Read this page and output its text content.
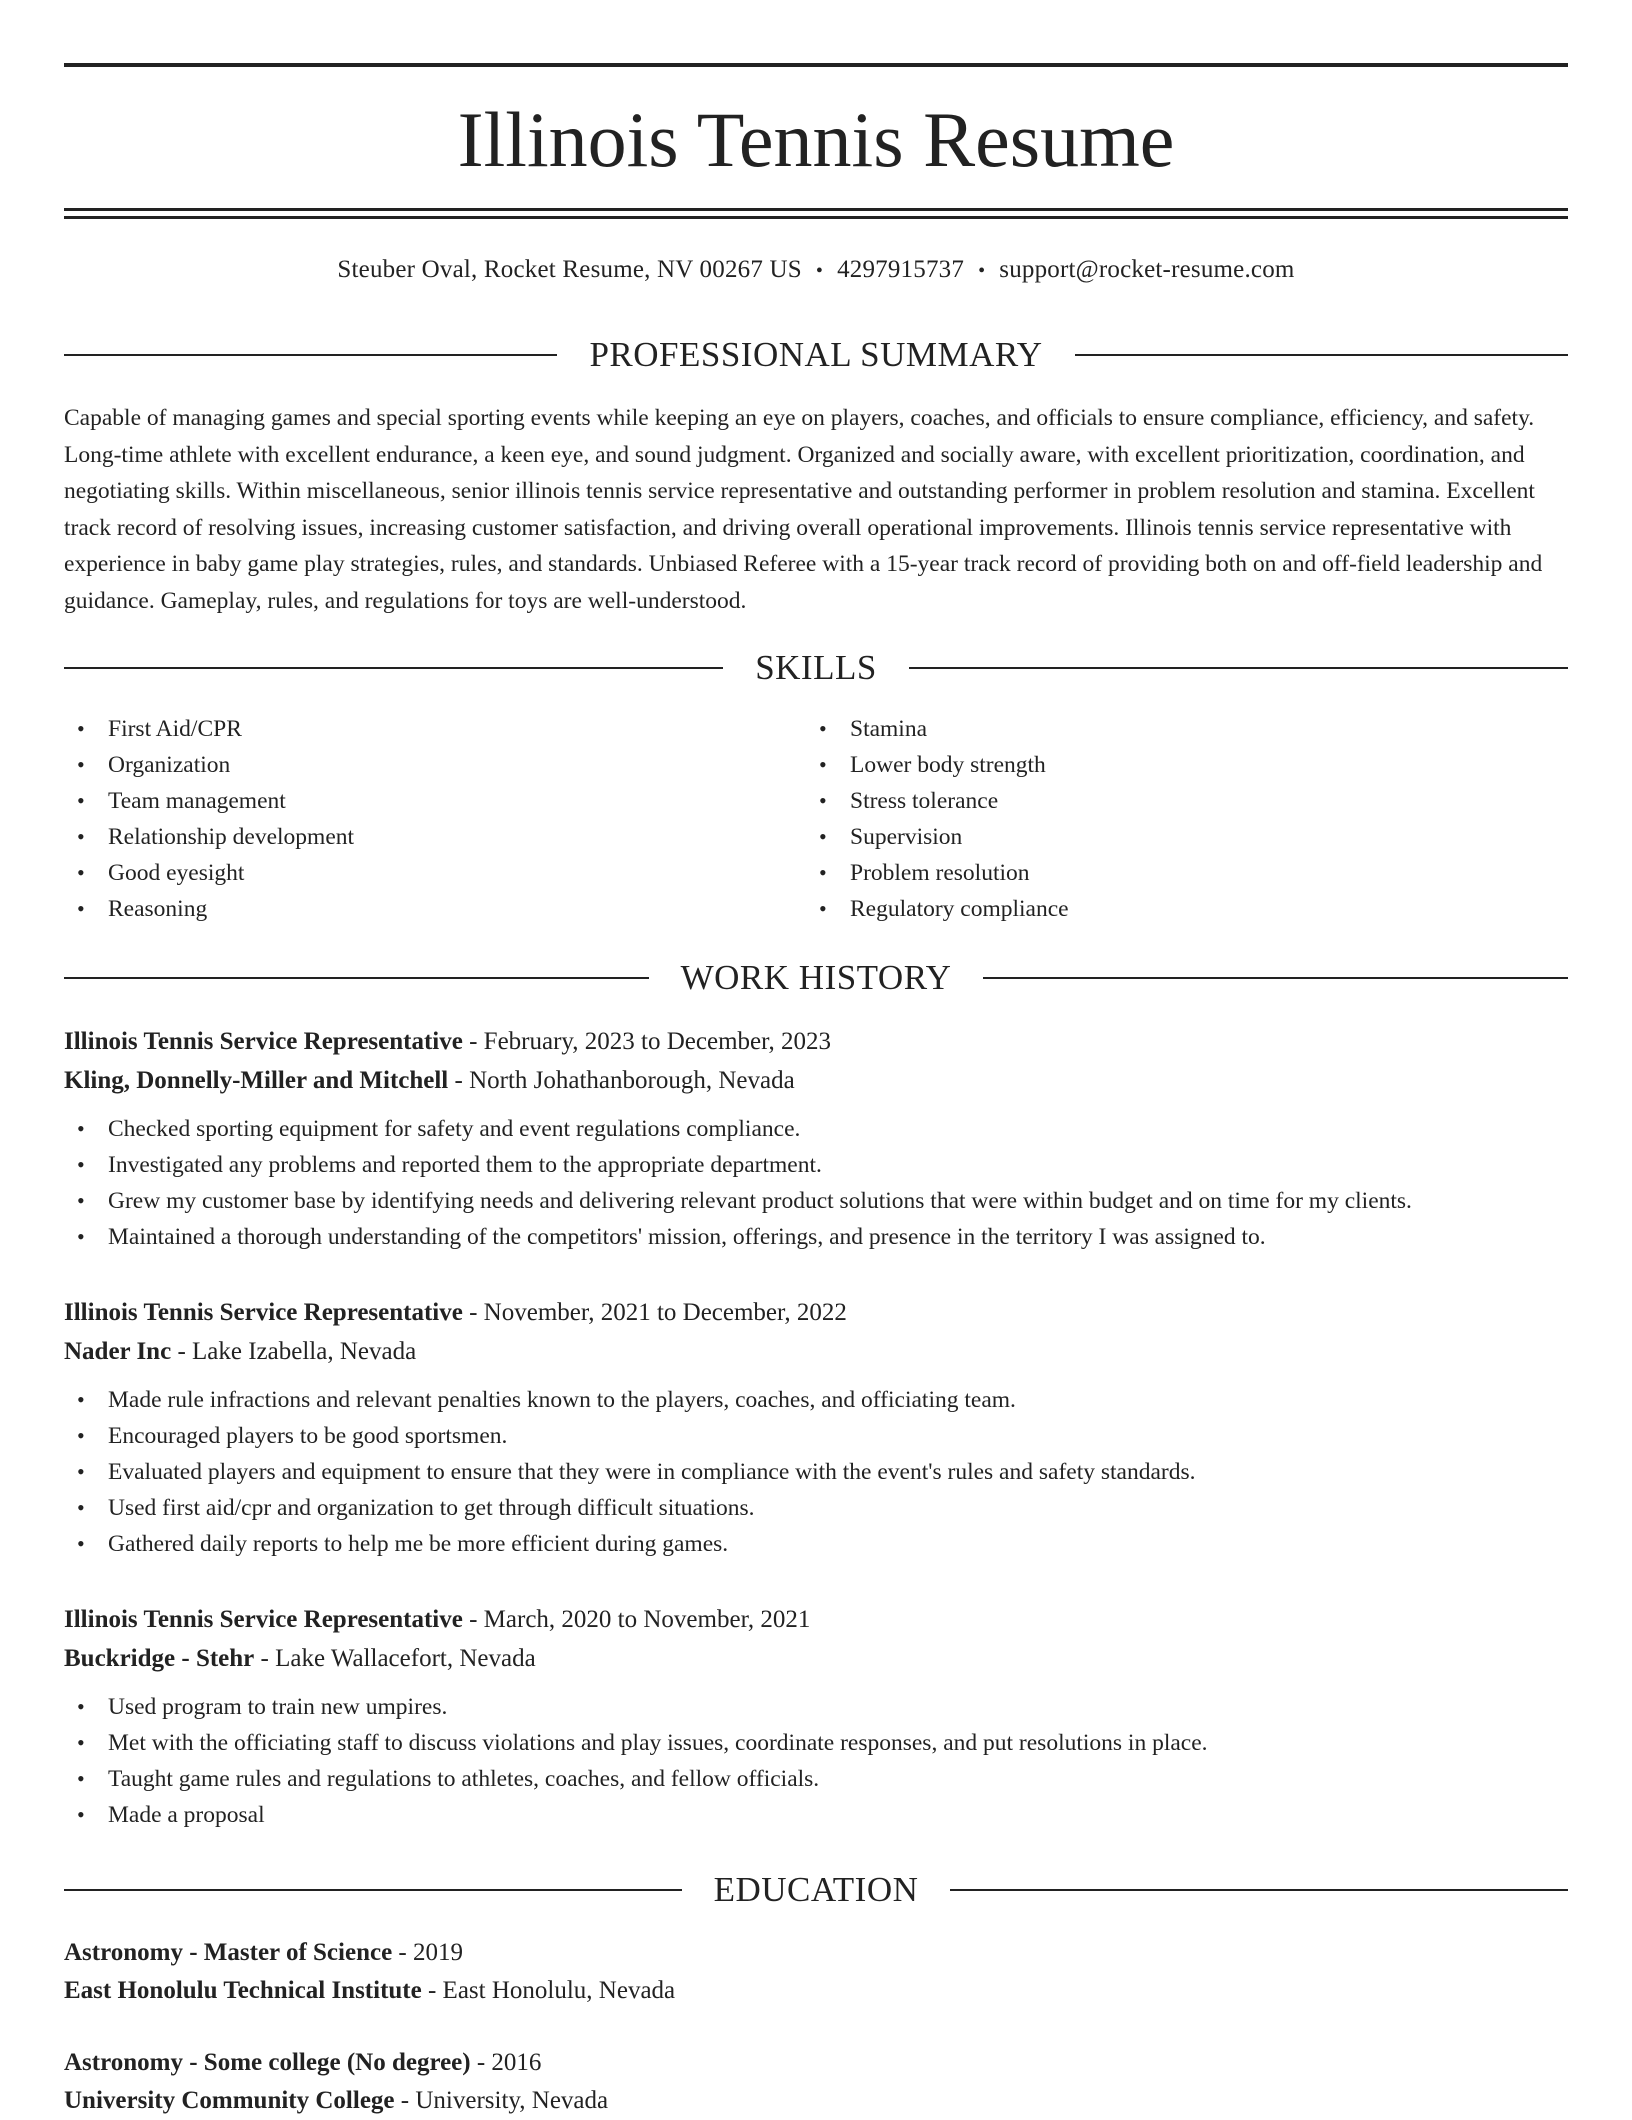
Illinois Tennis Resume
Steuber Oval, Rocket Resume, NV 00267 US • 4297915737 • support@rocket-resume.com
PROFESSIONAL SUMMARY

Capable of managing games and special sporting events while keeping an eye on players, coaches, and officials to ensure compliance, efficiency, and safety. Long-time athlete with excellent endurance, a keen eye, and sound judgment. Organized and socially aware, with excellent prioritization, coordination, and negotiating skills. Within miscellaneous, senior illinois tennis service representative and outstanding performer in problem resolution and stamina. Excellent track record of resolving issues, increasing customer satisfaction, and driving overall operational improvements. Illinois tennis service representative with experience in baby game play strategies, rules, and standards. Unbiased Referee with a 15-year track record of providing both on and off-field leadership and guidance. Gameplay, rules, and regulations for toys are well-understood.

SKILLS
• First Aid/CPR
• Organization
• Team management
• Relationship development
• Good eyesight
• Reasoning
• Stamina
• Lower body strength
• Stress tolerance
• Supervision
• Problem resolution
• Regulatory compliance
WORK HISTORY
Illinois Tennis Service Representative - February, 2023 to December, 2023
Kling, Donnelly-Miller and Mitchell - North Johathanborough, Nevada
• Checked sporting equipment for safety and event regulations compliance.
• Investigated any problems and reported them to the appropriate department.
• Grew my customer base by identifying needs and delivering relevant product solutions that were within budget and on time for my clients.
• Maintained a thorough understanding of the competitors' mission, offerings, and presence in the territory I was assigned to.
Illinois Tennis Service Representative - November, 2021 to December, 2022
Nader Inc - Lake Izabella, Nevada
• Made rule infractions and relevant penalties known to the players, coaches, and officiating team.
• Encouraged players to be good sportsmen.
• Evaluated players and equipment to ensure that they were in compliance with the event's rules and safety standards.
• Used first aid/cpr and organization to get through difficult situations.
• Gathered daily reports to help me be more efficient during games.
Illinois Tennis Service Representative - March, 2020 to November, 2021
Buckridge - Stehr - Lake Wallacefort, Nevada
• Used program to train new umpires.
• Met with the officiating staff to discuss violations and play issues, coordinate responses, and put resolutions in place.
• Taught game rules and regulations to athletes, coaches, and fellow officials.
• Made a proposal
EDUCATION
Astronomy - Master of Science - 2019
East Honolulu Technical Institute - East Honolulu, Nevada
Astronomy - Some college (No degree) - 2016
University Community College - University, Nevada
